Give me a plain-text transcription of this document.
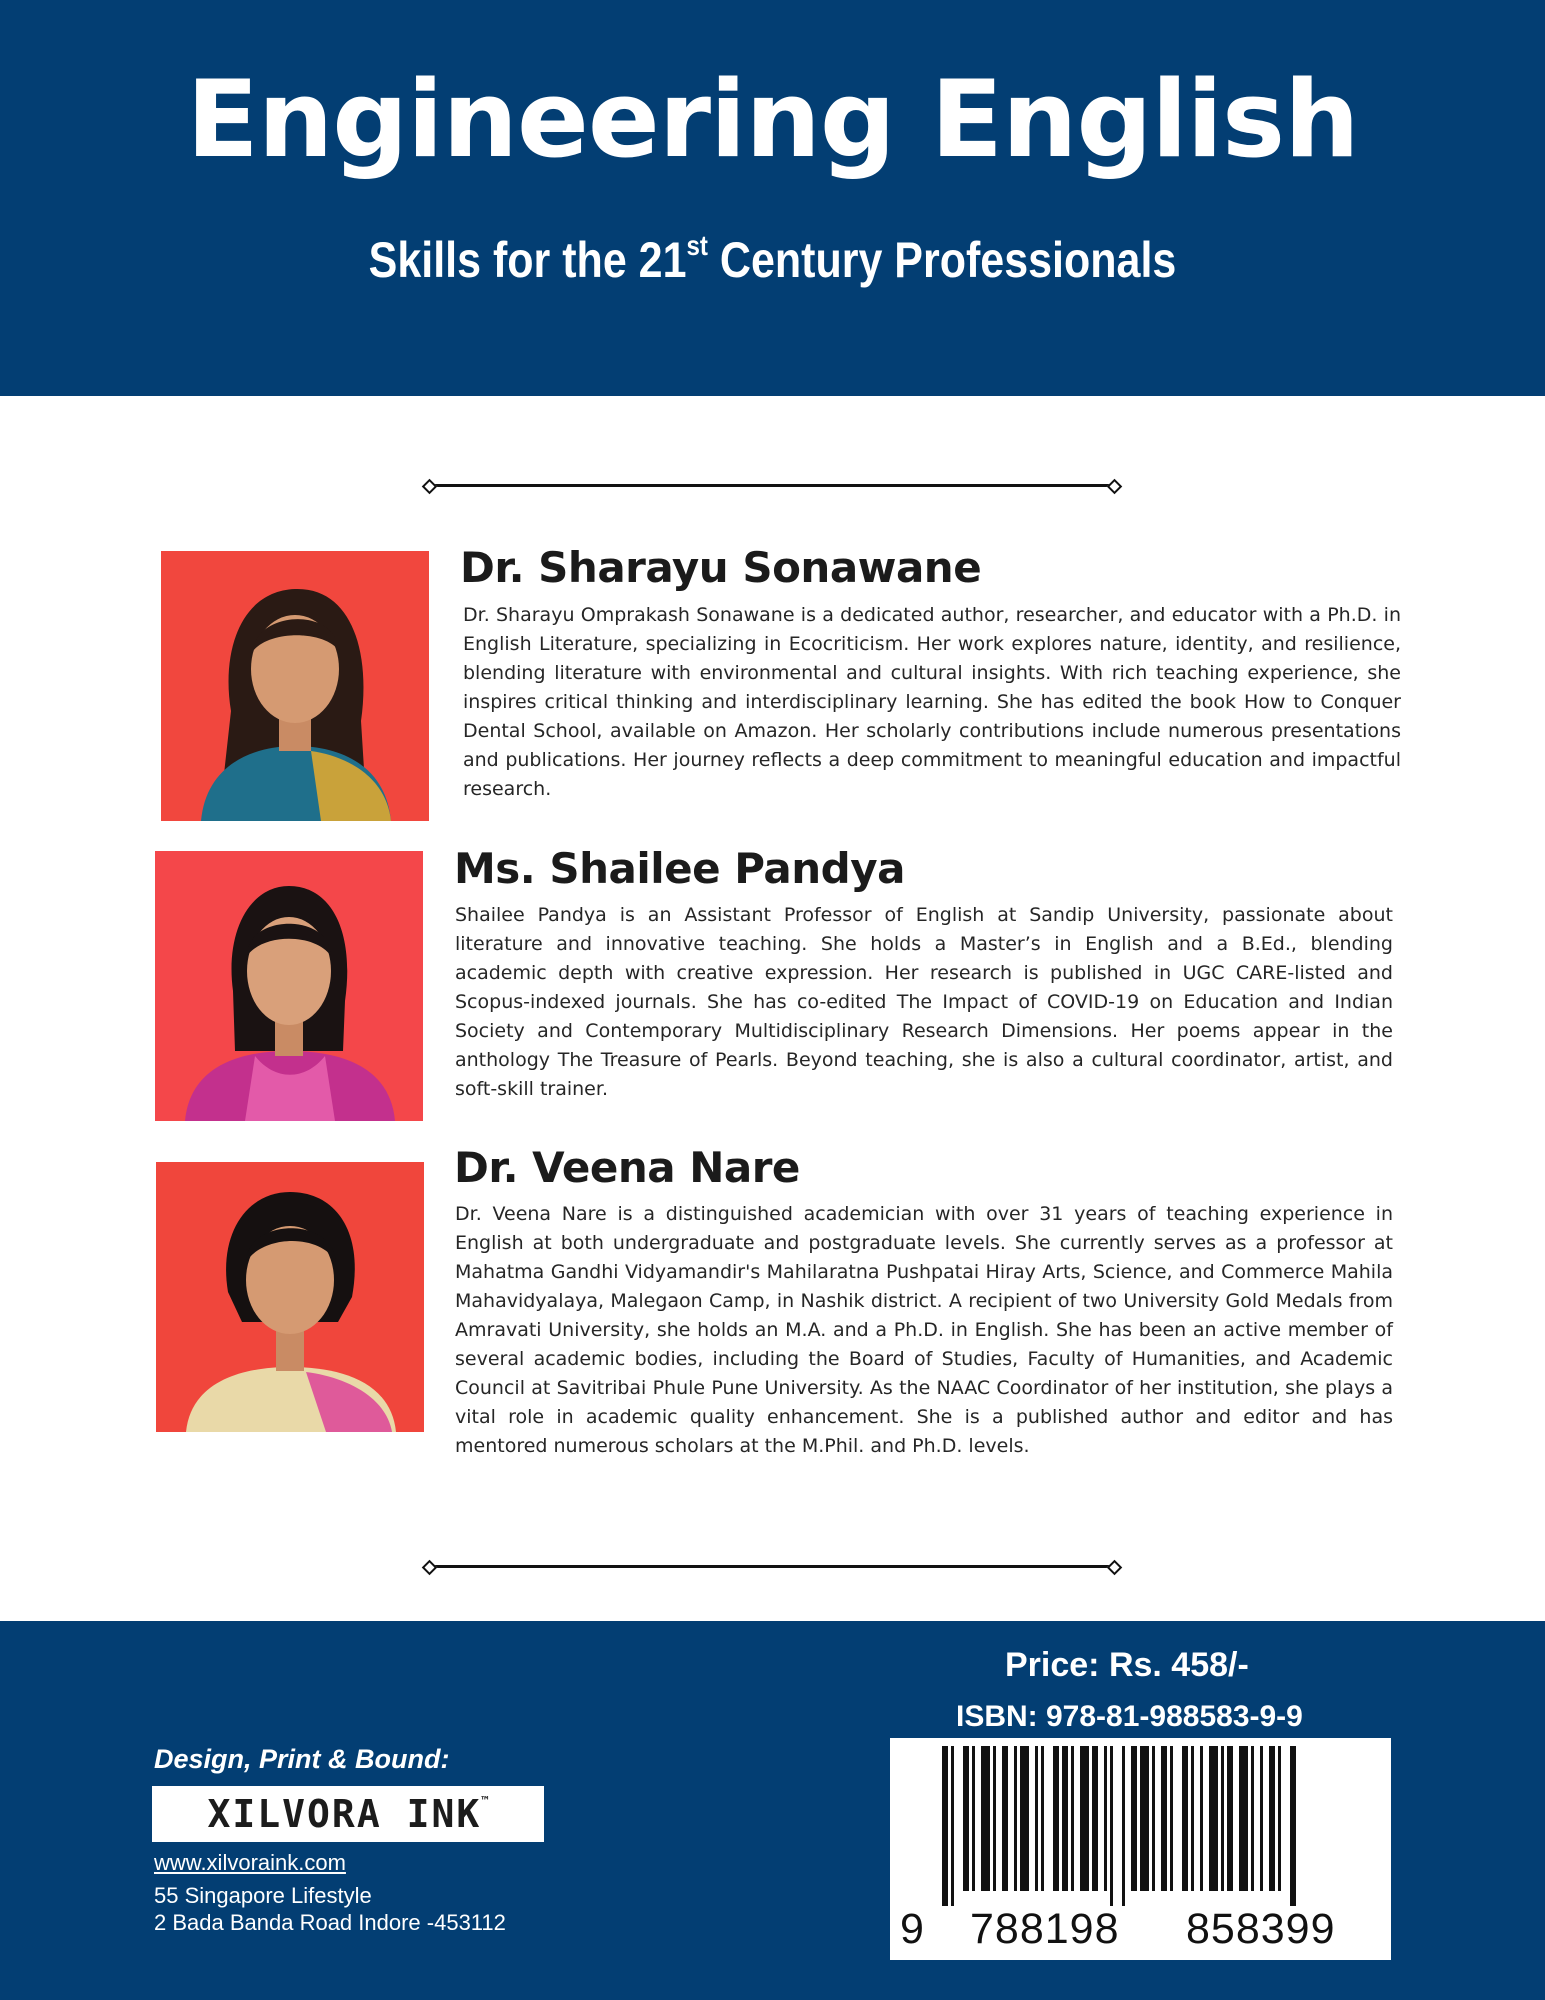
Engineering English
Skills for the 21st Century Professionals
Dr. Sharayu Sonawane
Dr. Sharayu Omprakash Sonawane is a dedicated author, researcher, and educator with a Ph.D. in English Literature, specializing in Ecocriticism. Her work explores nature, identity, and resilience, blending literature with environmental and cultural insights. With rich teaching experience, she inspires critical thinking and interdisciplinary learning. She has edited the book How to Conquer Dental School, available on Amazon. Her scholarly contributions include numerous presentations and publications. Her journey reflects a deep commitment to meaningful education and impactful research.
Ms. Shailee Pandya
Shailee Pandya is an Assistant Professor of English at Sandip University, passionate about literature and innovative teaching. She holds a Master’s in English and a B.Ed., blending academic depth with creative expression. Her research is published in UGC CARE-listed and Scopus-indexed journals. She has co-edited The Impact of COVID-19 on Education and Indian Society and Contemporary Multidisciplinary Research Dimensions. Her poems appear in the anthology The Treasure of Pearls. Beyond teaching, she is also a cultural coordinator, artist, and soft-skill trainer.
Dr. Veena Nare
Dr. Veena Nare is a distinguished academician with over 31 years of teaching experience in English at both undergraduate and postgraduate levels. She currently serves as a professor at Mahatma Gandhi Vidyamandir's Mahilaratna Pushpatai Hiray Arts, Science, and Commerce Mahila Mahavidyalaya, Malegaon Camp, in Nashik district. A recipient of two University Gold Medals from Amravati University, she holds an M.A. and a Ph.D. in English. She has been an active member of several academic bodies, including the Board of Studies, Faculty of Humanities, and Academic Council at Savitribai Phule Pune University. As the NAAC Coordinator of her institution, she plays a vital role in academic quality enhancement. She is a published author and editor and has mentored numerous scholars at the M.Phil. and Ph.D. levels.
Price: Rs. 458/-
ISBN: 978-81-988583-9-9
Design, Print & Bound:
XILVORA INK™
www.xilvoraink.com
55 Singapore Lifestyle
2 Bada Banda Road Indore -453112	9 788198 858399
